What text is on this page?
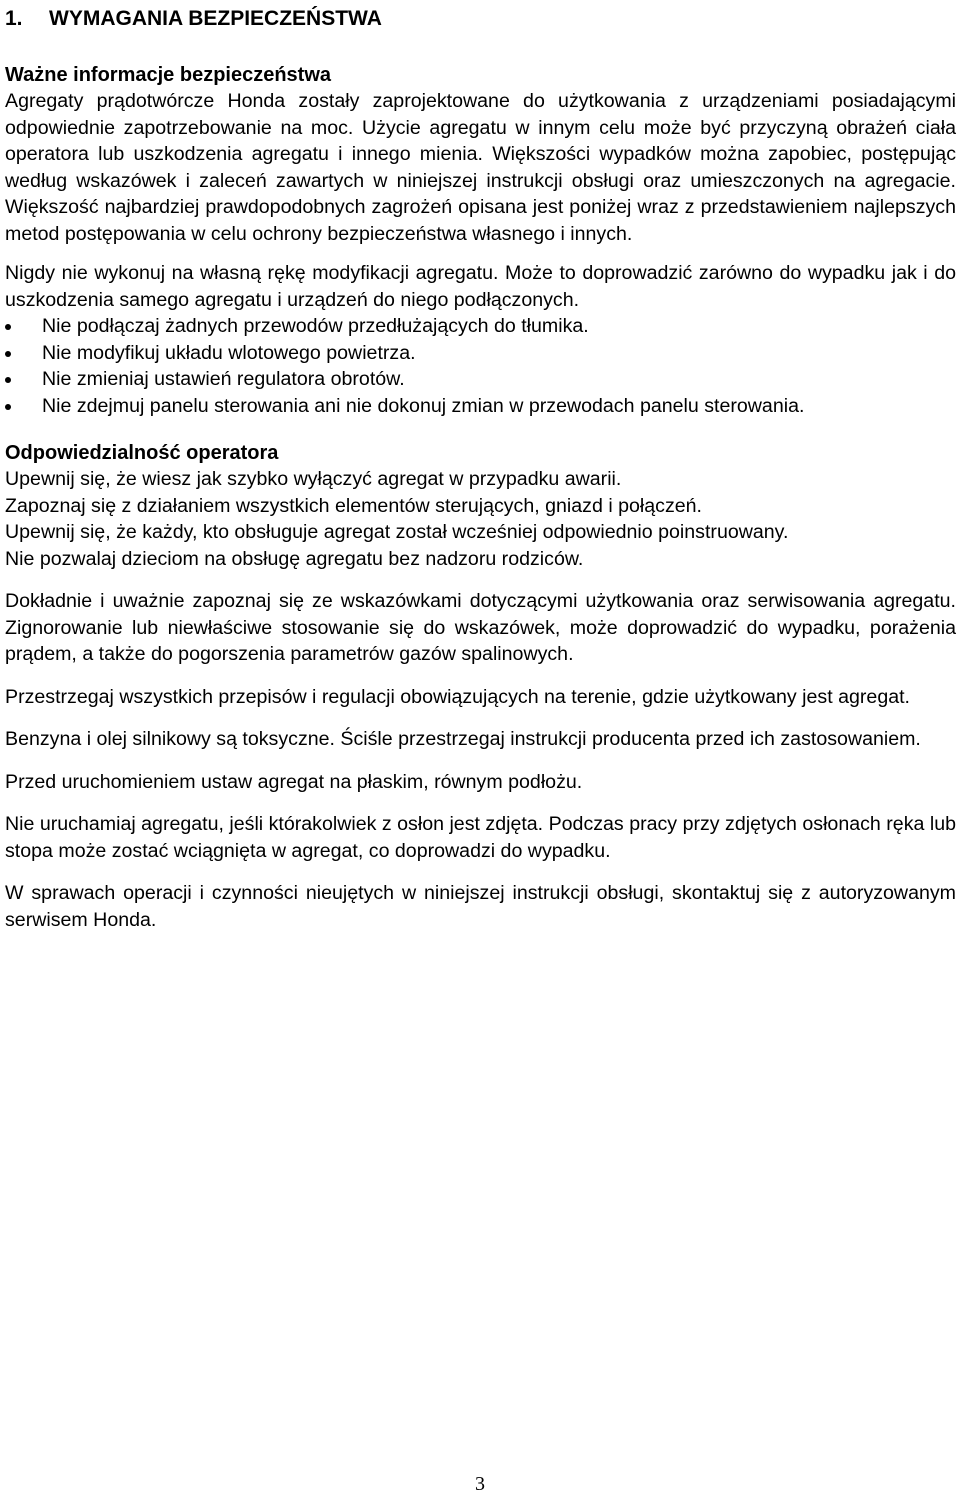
1. WYMAGANIA BEZPIECZEŃSTWA
Ważne informacje bezpieczeństwa

Agregaty prądotwórcze Honda zostały zaprojektowane do użytkowania z urządzeniami posiadającymi odpowiednie zapotrzebowanie na moc. Użycie agregatu w innym celu może być przyczyną obrażeń ciała operatora lub uszkodzenia agregatu i innego mienia. Większości wypadków można zapobiec, postępując według wskazówek i zaleceń zawartych w niniejszej instrukcji obsługi oraz umieszczonych na agregacie. Większość najbardziej prawdopodobnych zagrożeń opisana jest poniżej wraz z przedstawieniem najlepszych metod postępowania w celu ochrony bezpieczeństwa własnego i innych.

Nigdy nie wykonuj na własną rękę modyfikacji agregatu. Może to doprowadzić zarówno do wypadku jak i do uszkodzenia samego agregatu i urządzeń do niego podłączonych.

Nie podłączaj żadnych przewodów przedłużających do tłumika.
Nie modyfikuj układu wlotowego powietrza.
Nie zmieniaj ustawień regulatora obrotów.
Nie zdejmuj panelu sterowania ani nie dokonuj zmian w przewodach panelu sterowania.
Odpowiedzialność operatora

Upewnij się, że wiesz jak szybko wyłączyć agregat w przypadku awarii.

Zapoznaj się z działaniem wszystkich elementów sterujących, gniazd i połączeń.

Upewnij się, że każdy, kto obsługuje agregat został wcześniej odpowiednio poinstruowany.

Nie pozwalaj dzieciom na obsługę agregatu bez nadzoru rodziców.

Dokładnie i uważnie zapoznaj się ze wskazówkami dotyczącymi użytkowania oraz serwisowania agregatu. Zignorowanie lub niewłaściwe stosowanie się do wskazówek, może doprowadzić do wypadku, porażenia prądem, a także do pogorszenia parametrów gazów spalinowych.

Przestrzegaj wszystkich przepisów i regulacji obowiązujących na terenie, gdzie użytkowany jest agregat.

Benzyna i olej silnikowy są toksyczne. Ściśle przestrzegaj instrukcji producenta przed ich zastosowaniem.

Przed uruchomieniem ustaw agregat na płaskim, równym podłożu.

Nie uruchamiaj agregatu, jeśli którakolwiek z osłon jest zdjęta. Podczas pracy przy zdjętych osłonach ręka lub stopa może zostać wciągnięta w agregat, co doprowadzi do wypadku.

W sprawach operacji i czynności nieujętych w niniejszej instrukcji obsługi, skontaktuj się z autoryzowanym serwisem Honda.

3
